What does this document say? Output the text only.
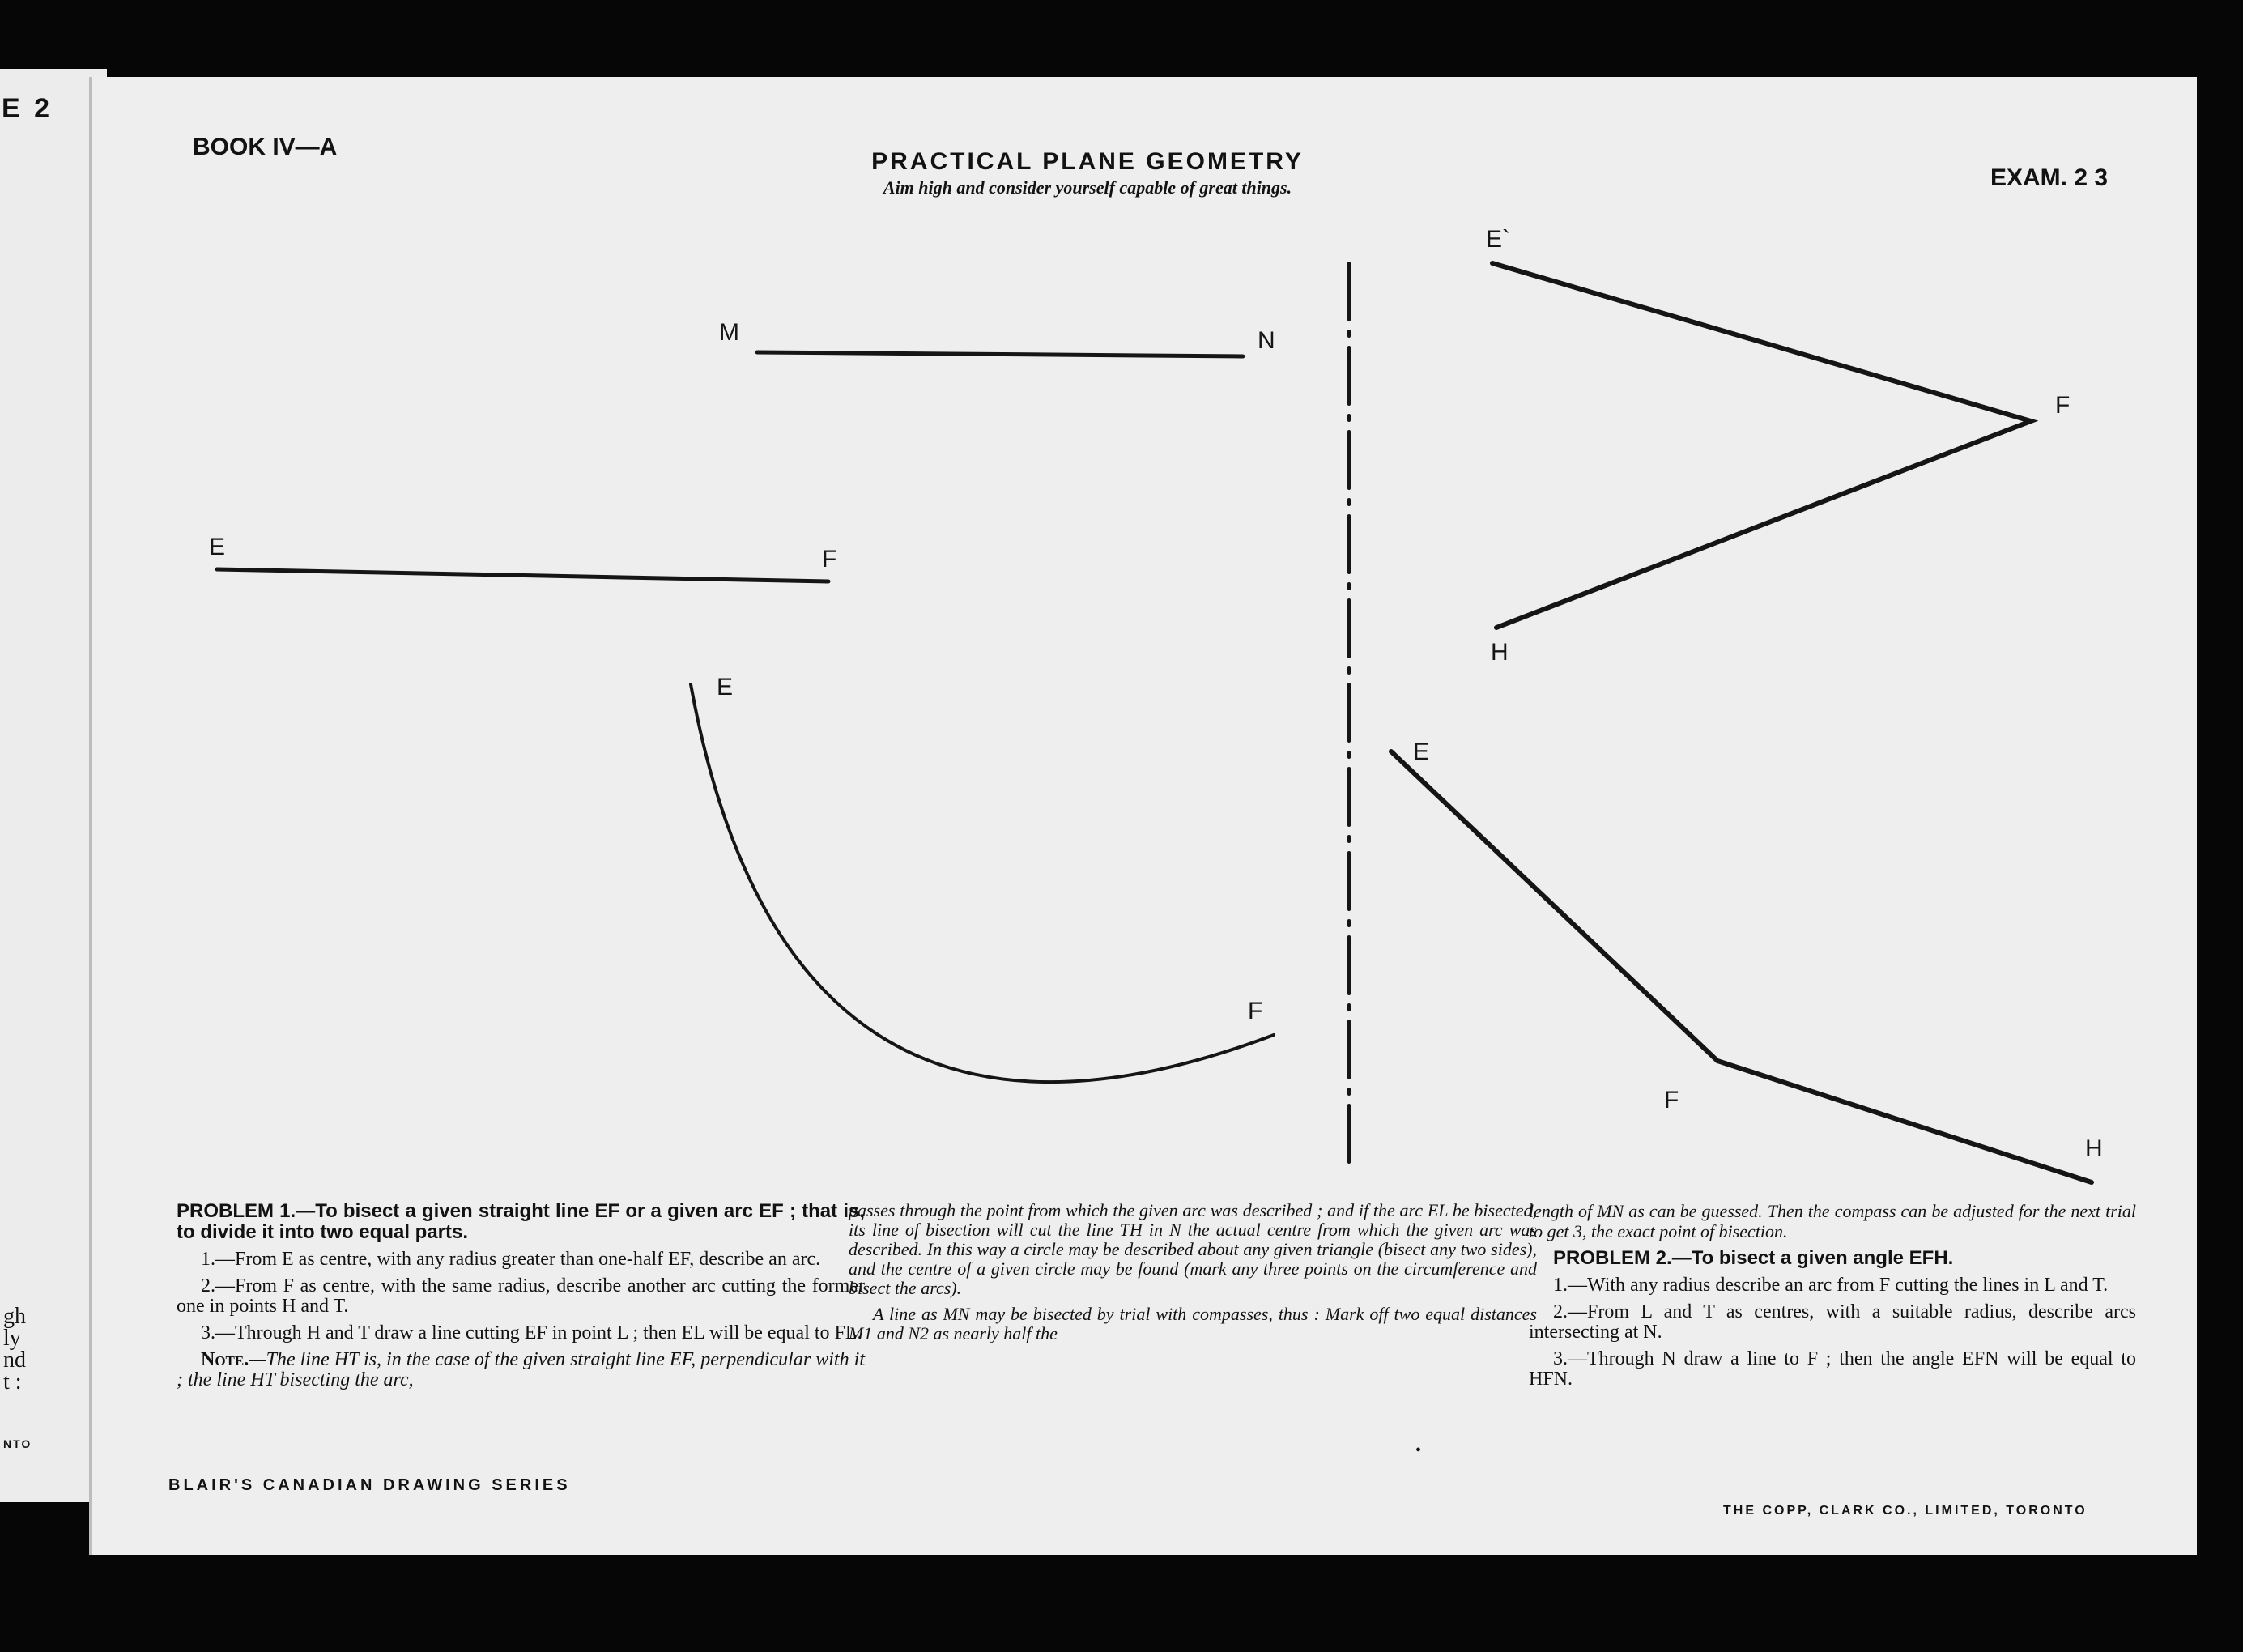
E 2
gh
ly
nd
t :
NTO
BOOK IV—A
PRACTICAL PLANE GEOMETRY
Aim high and consider yourself capable of great things.	EXAM. 2 3
M	N
E	F
E
F
E`
F
H
E
F
H

PROBLEM 1.—To bisect a given straight line EF or a given arc EF ; that is, to divide it into two equal parts.

1.—From E as centre, with any radius greater than one-half EF, describe an arc.

2.—From F as centre, with the same radius, describe another arc cutting the former one in points H and T.

3.—Through H and T draw a line cutting EF in point L ; then EL will be equal to FL.

Note.—The line HT is, in the case of the given straight line EF, perpendicular with it ; the line HT bisecting the arc,

passes through the point from which the given arc was described ; and if the arc EL be bisected, its line of bisection will cut the line TH in N the actual centre from which the given arc was described. In this way a circle may be described about any given triangle (bisect any two sides), and the centre of a given circle may be found (mark any three points on the circumference and bisect the arcs).

A line as MN may be bisected by trial with compasses, thus : Mark off two equal distances M1 and N2 as nearly half the

length of MN as can be guessed. Then the compass can be adjusted for the next trial to get 3, the exact point of bisection.

PROBLEM 2.—To bisect a given angle EFH.

1.—With any radius describe an arc from F cutting the lines in L and T.

2.—From L and T as centres, with a suitable radius, describe arcs intersecting at N.

3.—Through N draw a line to F ; then the angle EFN will be equal to HFN.

•
BLAIR'S CANADIAN DRAWING SERIES
THE COPP, CLARK CO., LIMITED, TORONTO
